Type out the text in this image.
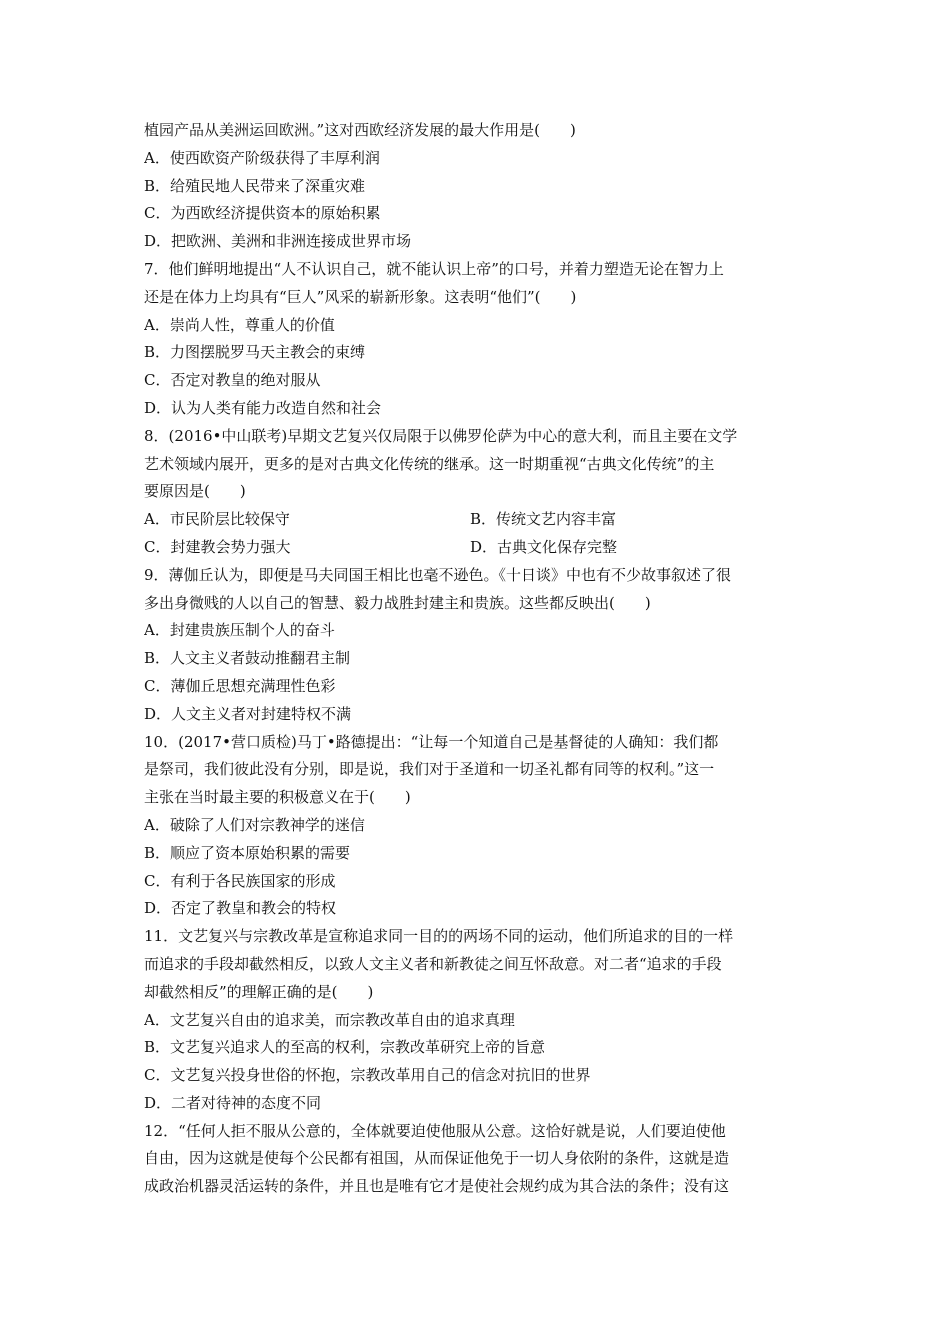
植园产品从美洲运回欧洲。”这对西欧经济发展的最大作用是(　　)
A．使西欧资产阶级获得了丰厚利润
B．给殖民地人民带来了深重灾难
C．为西欧经济提供资本的原始积累
D．把欧洲、美洲和非洲连接成世界市场
7．他们鲜明地提出“人不认识自己，就不能认识上帝”的口号，并着力塑造无论在智力上
还是在体力上均具有“巨人”风采的崭新形象。这表明“他们”(　　)
A．崇尚人性，尊重人的价值
B．力图摆脱罗马天主教会的束缚
C．否定对教皇的绝对服从
D．认为人类有能力改造自然和社会
8．(2016•中山联考)早期文艺复兴仅局限于以佛罗伦萨为中心的意大利，而且主要在文学
艺术领域内展开，更多的是对古典文化传统的继承。这一时期重视“古典文化传统”的主
要原因是(　　)
A．市民阶层比较保守	B．传统文艺内容丰富
C．封建教会势力强大	D．古典文化保存完整
9．薄伽丘认为，即便是马夫同国王相比也毫不逊色。《十日谈》中也有不少故事叙述了很
多出身微贱的人以自己的智慧、毅力战胜封建主和贵族。这些都反映出(　　)
A．封建贵族压制个人的奋斗
B．人文主义者鼓动推翻君主制
C．薄伽丘思想充满理性色彩
D．人文主义者对封建特权不满
10．(2017•营口质检)马丁•路德提出：“让每一个知道自己是基督徒的人确知：我们都
是祭司，我们彼此没有分别，即是说，我们对于圣道和一切圣礼都有同等的权利。”这一
主张在当时最主要的积极意义在于(　　)
A．破除了人们对宗教神学的迷信
B．顺应了资本原始积累的需要
C．有利于各民族国家的形成
D．否定了教皇和教会的特权
11．文艺复兴与宗教改革是宣称追求同一目的的两场不同的运动，他们所追求的目的一样
而追求的手段却截然相反，以致人文主义者和新教徒之间互怀敌意。对二者“追求的手段
却截然相反”的理解正确的是(　　)
A．文艺复兴自由的追求美，而宗教改革自由的追求真理
B．文艺复兴追求人的至高的权利，宗教改革研究上帝的旨意
C．文艺复兴投身世俗的怀抱，宗教改革用自己的信念对抗旧的世界
D．二者对待神的态度不同
12．“任何人拒不服从公意的，全体就要迫使他服从公意。这恰好就是说，人们要迫使他
自由，因为这就是使每个公民都有祖国，从而保证他免于一切人身依附的条件，这就是造
成政治机器灵活运转的条件，并且也是唯有它才是使社会规约成为其合法的条件；没有这
